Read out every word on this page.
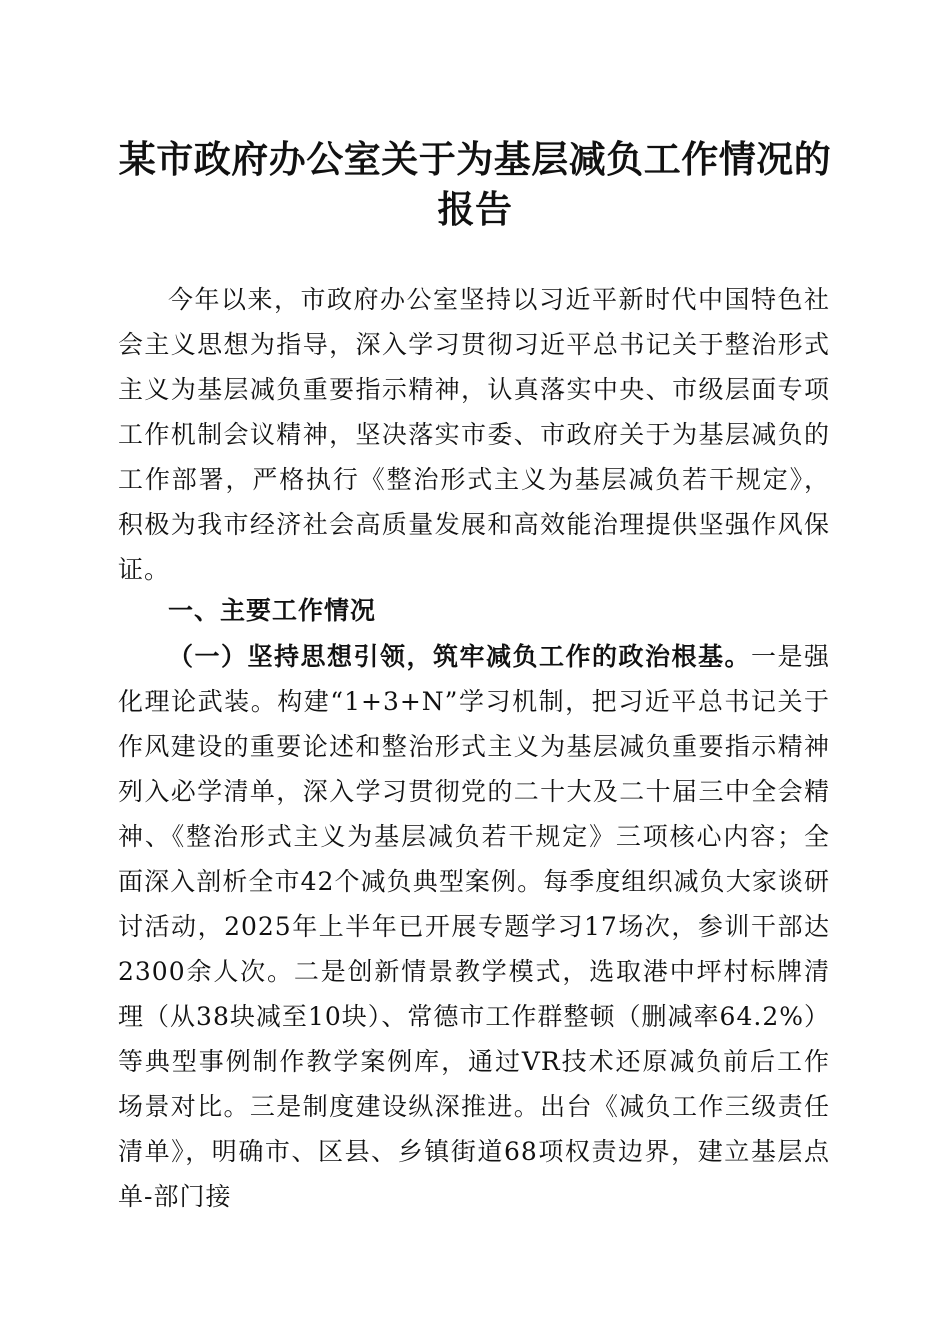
某市政府办公室关于为基层减负工作情况的报告

今年以来，市政府办公室坚持以习近平新时代中国特色社会主义思想为指导，深入学习贯彻习近平总书记关于整治形式主义为基层减负重要指示精神，认真落实中央、市级层面专项工作机制会议精神，坚决落实市委、市政府关于为基层减负的工作部署，严格执行《整治形式主义为基层减负若干规定》，积极为我市经济社会高质量发展和高效能治理提供坚强作风保证。

一、主要工作情况

（一）坚持思想引领，筑牢减负工作的政治根基。一是强化理论武装。构建“1+3+N”学习机制，把习近平总书记关于作风建设的重要论述和整治形式主义为基层减负重要指示精神列入必学清单，深入学习贯彻党的二十大及二十届三中全会精神、《整治形式主义为基层减负若干规定》三项核心内容；全面深入剖析全市42个减负典型案例。每季度组织减负大家谈研讨活动，2025年上半年已开展专题学习17场次，参训干部达2300余人次。二是创新情景教学模式，选取港中坪村标牌清理（从38块减至10块）、常德市工作群整顿（删减率64.2%）等典型事例制作教学案例库，通过VR技术还原减负前后工作场景对比。三是制度建设纵深推进。出台《减负工作三级责任清单》，明确市、区县、乡镇街道68项权责边界，建立基层点单-部门接
